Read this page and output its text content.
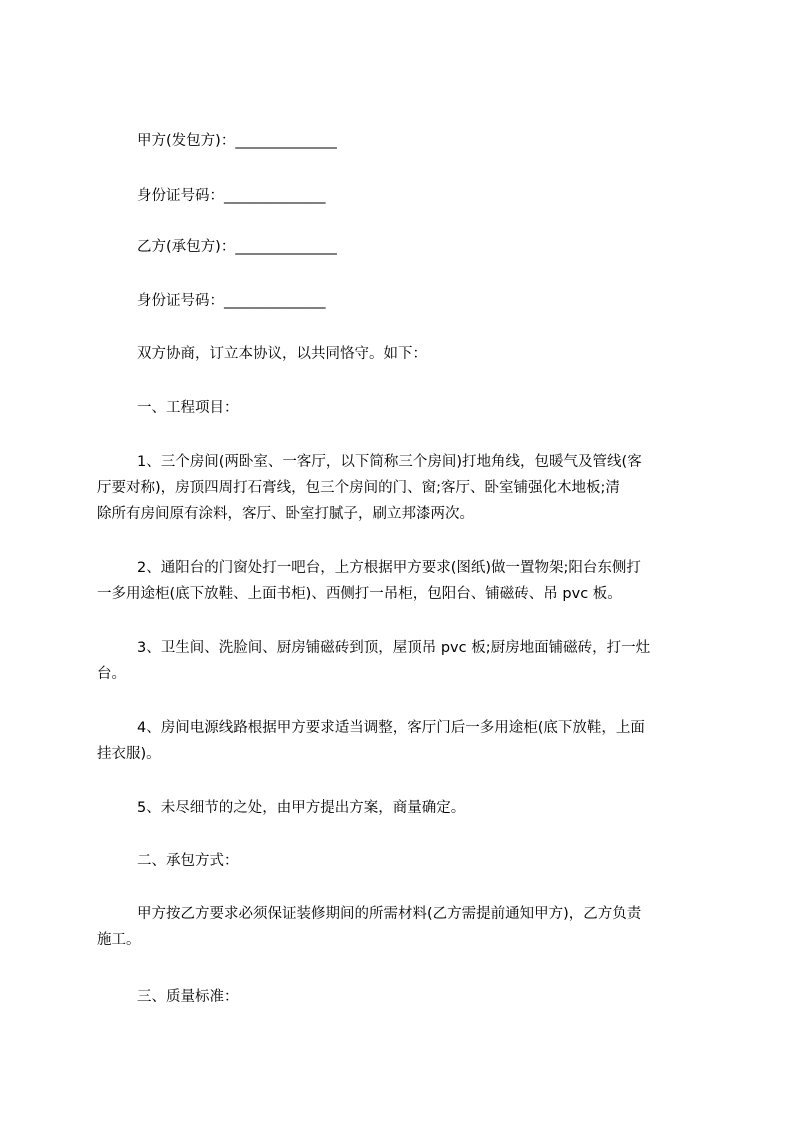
甲方(发包方)：______________
身份证号码：______________
乙方(承包方)：______________
身份证号码：______________
双方协商，订立本协议，以共同恪守。如下：
一、工程项目：
1、三个房间(两卧室、一客厅，以下简称三个房间)打地角线，包暖气及管线(客
厅要对称)，房顶四周打石膏线，包三个房间的门、窗;客厅、卧室铺强化木地板;清
除所有房间原有涂料，客厅、卧室打腻子，刷立邦漆两次。
2、通阳台的门窗处打一吧台，上方根据甲方要求(图纸)做一置物架;阳台东侧打
一多用途柜(底下放鞋、上面书柜)、西侧打一吊柜，包阳台、铺磁砖、吊 pvc 板。
3、卫生间、洗脸间、厨房铺磁砖到顶，屋顶吊 pvc 板;厨房地面铺磁砖，打一灶
台。
4、房间电源线路根据甲方要求适当调整，客厅门后一多用途柜(底下放鞋，上面
挂衣服)。
5、未尽细节的之处，由甲方提出方案，商量确定。
二、承包方式：
甲方按乙方要求必须保证装修期间的所需材料(乙方需提前通知甲方)，乙方负责
施工。
三、质量标准：
